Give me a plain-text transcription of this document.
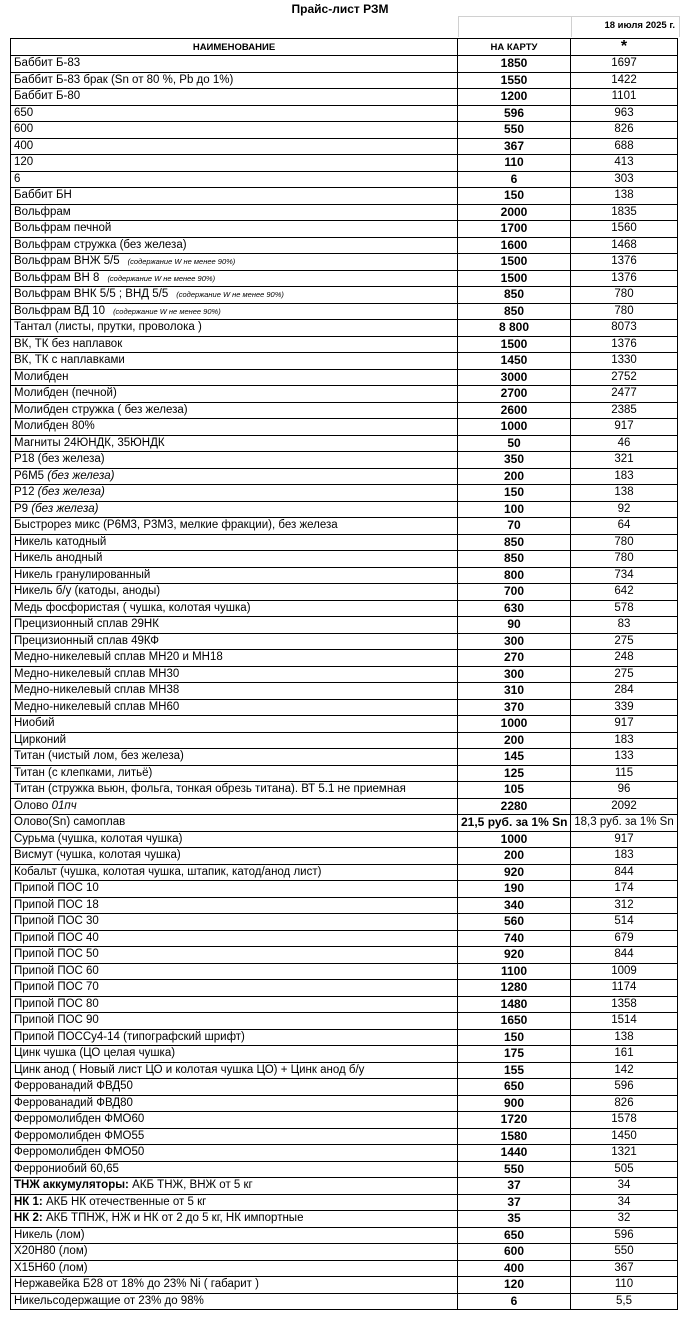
Прайс-лист РЗМ
18 июля 2025 г.
НАИМЕНОВАНИЕ	НА КАРТУ	*
Баббит Б-83	1850	1697
Баббит Б-83 брак (Sn от 80 %, Pb до 1%)	1550	1422
Баббит Б-80	1200	1101
650	596	963
600	550	826
400	367	688
120	110	413
6	6	303
Баббит БН	150	138
Вольфрам	2000	1835
Вольфрам печной	1700	1560
Вольфрам стружка (без железа)	1600	1468
Вольфрам ВНЖ 5/5 (содержание W не менее 90%)	1500	1376
Вольфрам ВН 8 (содержание W не менее 90%)	1500	1376
Вольфрам ВНК 5/5 ; ВНД 5/5 (содержание W не менее 90%)	850	780
Вольфрам ВД 10 (содержание W не менее 90%)	850	780
Тантал (листы, прутки, проволока )	8 800	8073
ВК, ТК без наплавок	1500	1376
ВК, ТК с наплавками	1450	1330
Молибден	3000	2752
Молибден (печной)	2700	2477
Молибден стружка ( без железа)	2600	2385
Молибден 80%	1000	917
Магниты 24ЮНДК, 35ЮНДК	50	46
Р18 (без железа)	350	321
Р6М5 (без железа)	200	183
Р12 (без железа)	150	138
Р9 (без железа)	100	92
Быстрорез микс (Р6М3, Р3М3, мелкие фракции), без железа	70	64
Никель катодный	850	780
Никель анодный	850	780
Никель гранулированный	800	734
Никель б/у (катоды, аноды)	700	642
Медь фосфористая ( чушка, колотая чушка)	630	578
Прецизионный сплав 29НК	90	83
Прецизионный сплав 49КФ	300	275
Медно-никелевый сплав МН20 и МН18	270	248
Медно-никелевый сплав МН30	300	275
Медно-никелевый сплав МН38	310	284
Медно-никелевый сплав МН60	370	339
Ниобий	1000	917
Цирконий	200	183
Титан (чистый лом, без железа)	145	133
Титан (с клепками, литьё)	125	115
Титан (стружка вьюн, фольга, тонкая обрезь титана). ВТ 5.1 не приемная	105	96
Олово 01пч	2280	2092
Олово(Sn) самоплав	21,5 руб. за 1% Sn	18,3 руб. за 1% Sn
Сурьма (чушка, колотая чушка)	1000	917
Висмут (чушка, колотая чушка)	200	183
Кобальт (чушка, колотая чушка, штапик, катод/анод лист)	920	844
Припой ПОС 10	190	174
Припой ПОС 18	340	312
Припой ПОС 30	560	514
Припой ПОС 40	740	679
Припой ПОС 50	920	844
Припой ПОС 60	1100	1009
Припой ПОС 70	1280	1174
Припой ПОС 80	1480	1358
Припой ПОС 90	1650	1514
Припой ПОССу4-14 (типографский шрифт)	150	138
Цинк чушка (ЦО целая чушка)	175	161
Цинк анод ( Новый лист ЦО и колотая чушка ЦО) + Цинк анод б/у	155	142
Феррованадий ФВД50	650	596
Феррованадий ФВД80	900	826
Ферромолибден ФМО60	1720	1578
Ферромолибден ФМО55	1580	1450
Ферромолибден ФМО50	1440	1321
Феррониобий 60,65	550	505
ТНЖ аккумуляторы: АКБ ТНЖ, ВНЖ от 5 кг	37	34
НК 1: АКБ НК отечественные от 5 кг	37	34
НК 2: АКБ ТПНЖ, НЖ и НК от 2 до 5 кг, НК импортные	35	32
Никель (лом)	650	596
Х20Н80 (лом)	600	550
Х15Н60 (лом)	400	367
Нержавейка Б28 от 18% до 23% Ni ( габарит )	120	110
Никельсодержащие от 23% до 98%	6	5,5
